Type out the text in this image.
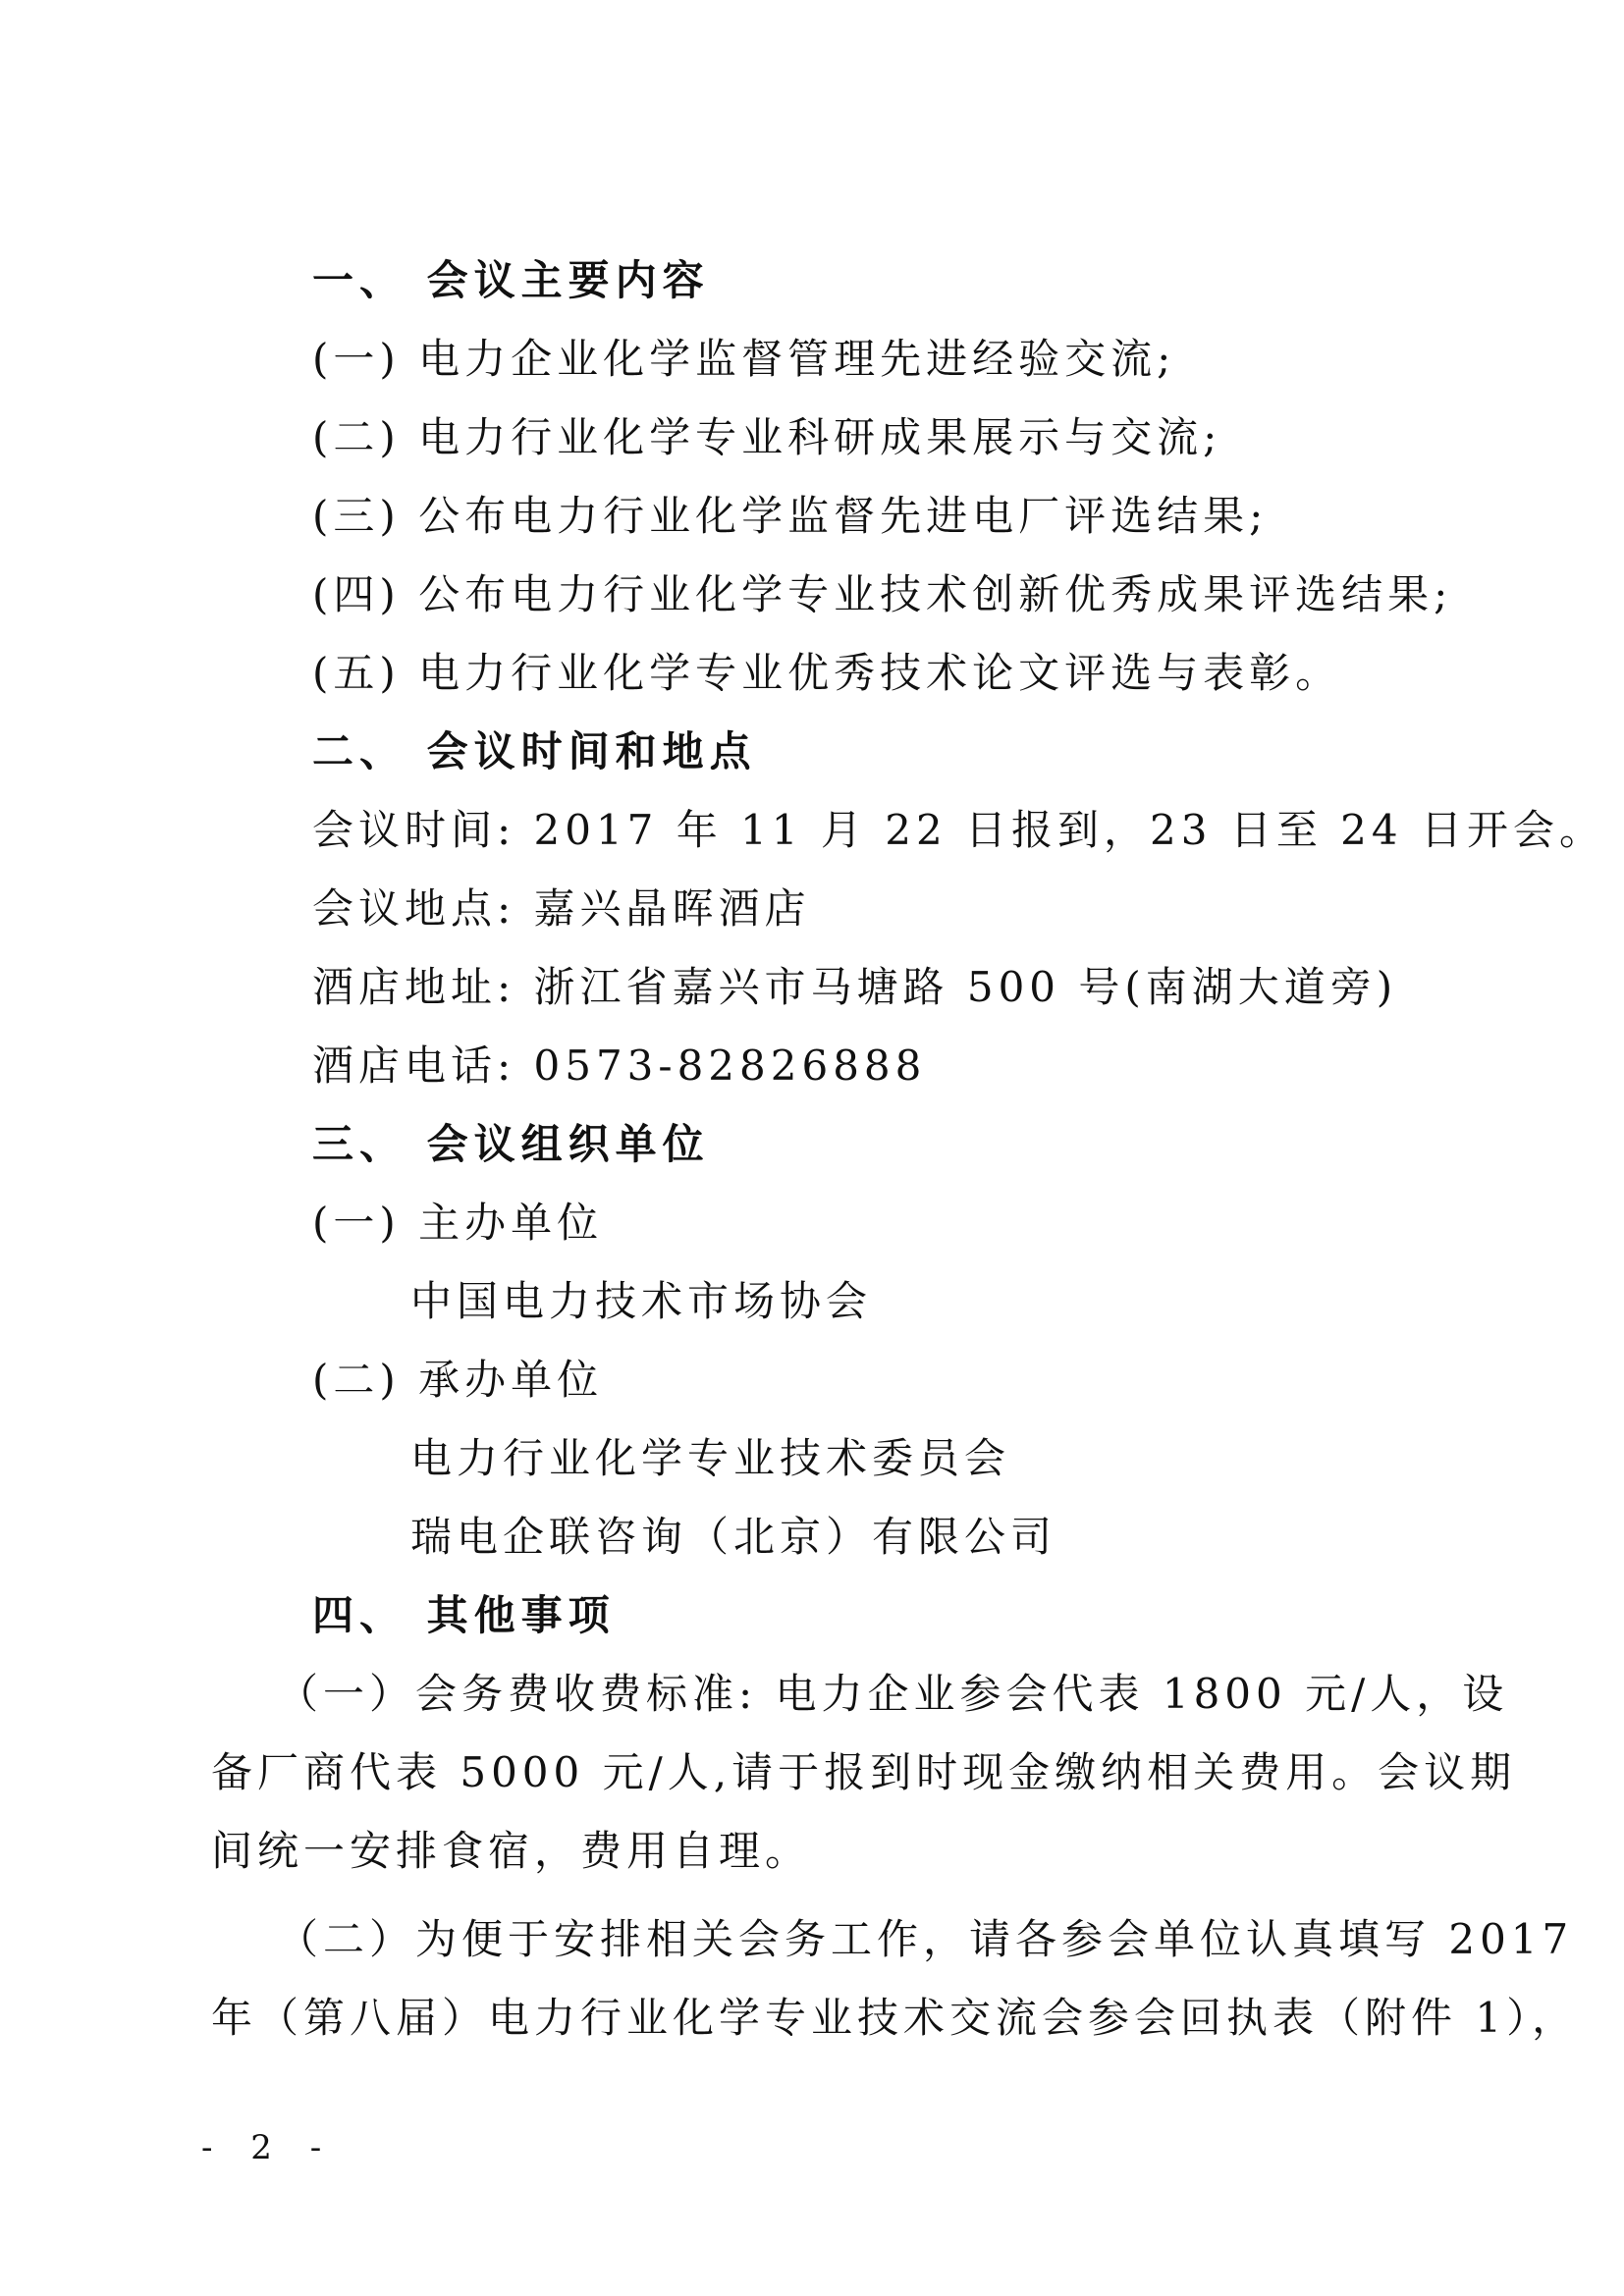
一、 会议主要内容
(一) 电力企业化学监督管理先进经验交流;
(二) 电力行业化学专业科研成果展示与交流;
(三) 公布电力行业化学监督先进电厂评选结果;
(四) 公布电力行业化学专业技术创新优秀成果评选结果;
(五) 电力行业化学专业优秀技术论文评选与表彰。
二、 会议时间和地点
会议时间: 2017 年 11 月 22 日报到，23 日至 24 日开会。
会议地点: 嘉兴晶晖酒店
酒店地址: 浙江省嘉兴市马塘路 500 号(南湖大道旁)
酒店电话: 0573-82826888
三、 会议组织单位
(一) 主办单位
中国电力技术市场协会
(二) 承办单位
电力行业化学专业技术委员会
瑞电企联咨询（北京）有限公司
四、 其他事项
（一）会务费收费标准: 电力企业参会代表 1800 元/人，设
备厂商代表 5000 元/人,请于报到时现金缴纳相关费用。会议期
间统一安排食宿，费用自理。
（二）为便于安排相关会务工作，请各参会单位认真填写 2017
年（第八届）电力行业化学专业技术交流会参会回执表（附件 1），
- 2 -
